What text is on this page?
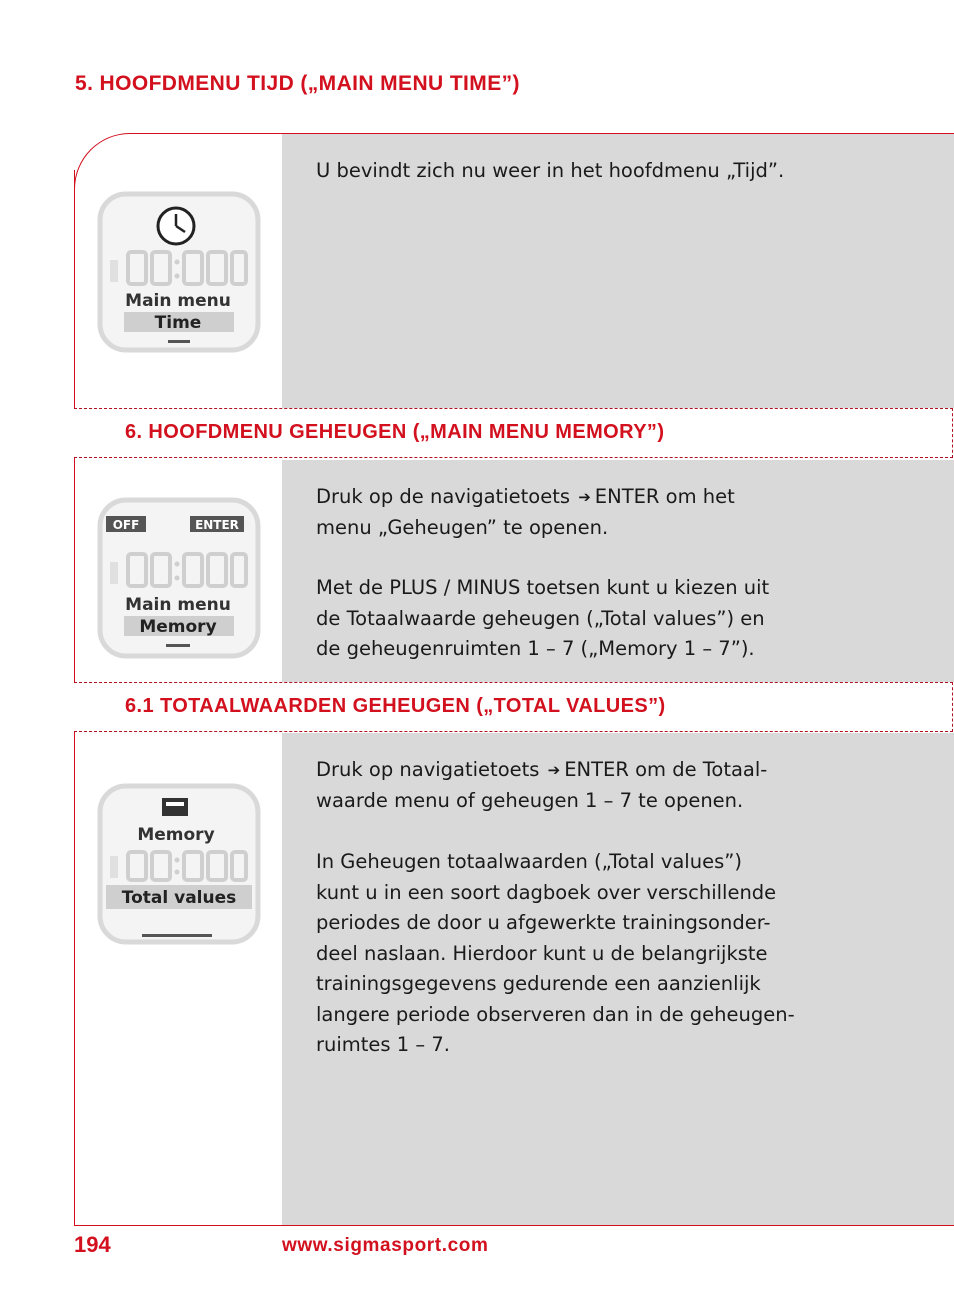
5. HOOFDMENU TIJD („MAIN MENU TIME”)
Main menu
Time

U bevindt zich nu weer in het hoofdmenu „Tijd”.

6. HOOFDMENU GEHEUGEN („MAIN MENU MEMORY”)
OFF	ENTER
Main menu
Memory

Druk op de navigatietoets ➔ ENTER om het
menu „Geheugen” te openen.

Met de PLUS / MINUS toetsen kunt u kiezen uit
de Totaalwaarde geheugen („Total values”) en
de geheugenruimten 1 – 7 („Memory 1 – 7”).

6.1 TOTAALWAARDEN GEHEUGEN („TOTAL VALUES”)
Memory
Total values

Druk op navigatietoets ➔ ENTER om de Totaal-
waarde menu of geheugen 1 – 7 te openen.

In Geheugen totaalwaarden („Total values”)
kunt u in een soort dagboek over verschillende
periodes de door u afgewerkte trainingsonder-
deel naslaan. Hierdoor kunt u de belangrijkste
trainingsgegevens gedurende een aanzienlijk
langere periode observeren dan in de geheugen-
ruimtes 1 – 7.

194	www.sigmasport.com
